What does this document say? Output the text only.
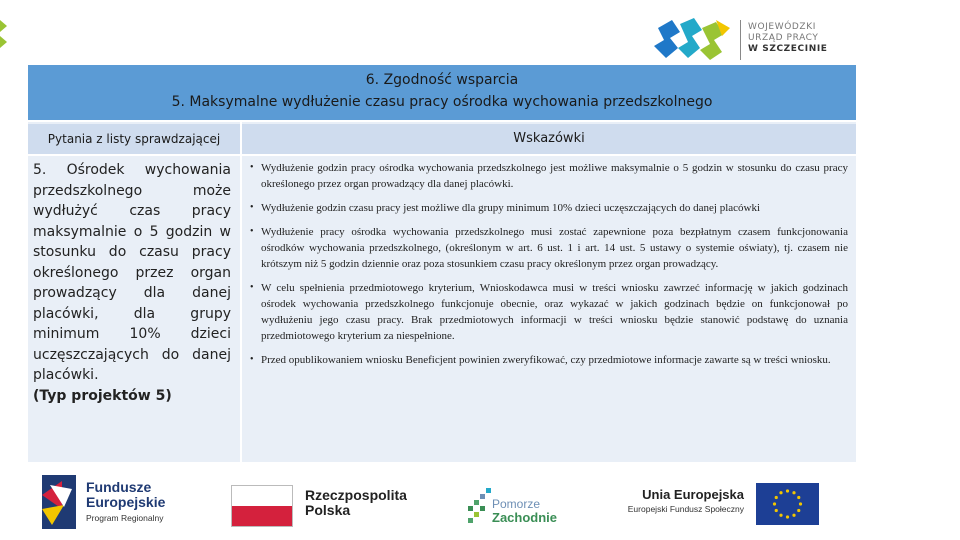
WOJEWÓDZKI
URZĄD PRACY
W SZCZECINIE
6. Zgodność wsparcia
5. Maksymalne wydłużenie czasu pracy ośrodka wychowania przedszkolnego
Pytania z listy sprawdzającej	Wskazówki
5. Ośrodek wychowania przedszkolnego może wydłużyć czas pracy maksymalnie o 5 godzin w stosunku do czasu pracy określonego przez organ prowadzący dla danej placówki, dla grupy minimum 10% dzieci uczęszczających do danej placówki.
(Typ projektów 5)
• Wydłużenie godzin pracy ośrodka wychowania przedszkolnego jest możliwe maksymalnie o 5 godzin w stosunku do czasu pracy określonego przez organ prowadzący dla danej placówki.
• Wydłużenie godzin czasu pracy jest możliwe dla grupy minimum 10% dzieci uczęszczających do danej placówki
• Wydłużenie pracy ośrodka wychowania przedszkolnego musi zostać zapewnione poza bezpłatnym czasem funkcjonowania ośrodków wychowania przedszkolnego, (określonym w art. 6 ust. 1 i art. 14 ust. 5 ustawy o systemie oświaty), tj. czasem nie krótszym niż 5 godzin dziennie oraz poza stosunkiem czasu pracy określonym przez organ prowadzący.
• W celu spełnienia przedmiotowego kryterium, Wnioskodawca musi w treści wniosku zawrzeć informację w jakich godzinach ośrodek wychowania przedszkolnego funkcjonuje obecnie, oraz wykazać w jakich godzinach będzie on funkcjonował po wydłużeniu jego czasu pracy. Brak przedmiotowych informacji w treści wniosku będzie stanowić podstawę do uznania przedmiotowego kryterium za niespełnione.
• Przed opublikowaniem wniosku Beneficjent powinien zweryfikować, czy przedmiotowe informacje zawarte są w treści wniosku.
Fundusze
Europejskie
Program Regionalny
Rzeczpospolita
Polska	Pomorze
Zachodnie
Unia Europejska
Europejski Fundusz Społeczny
